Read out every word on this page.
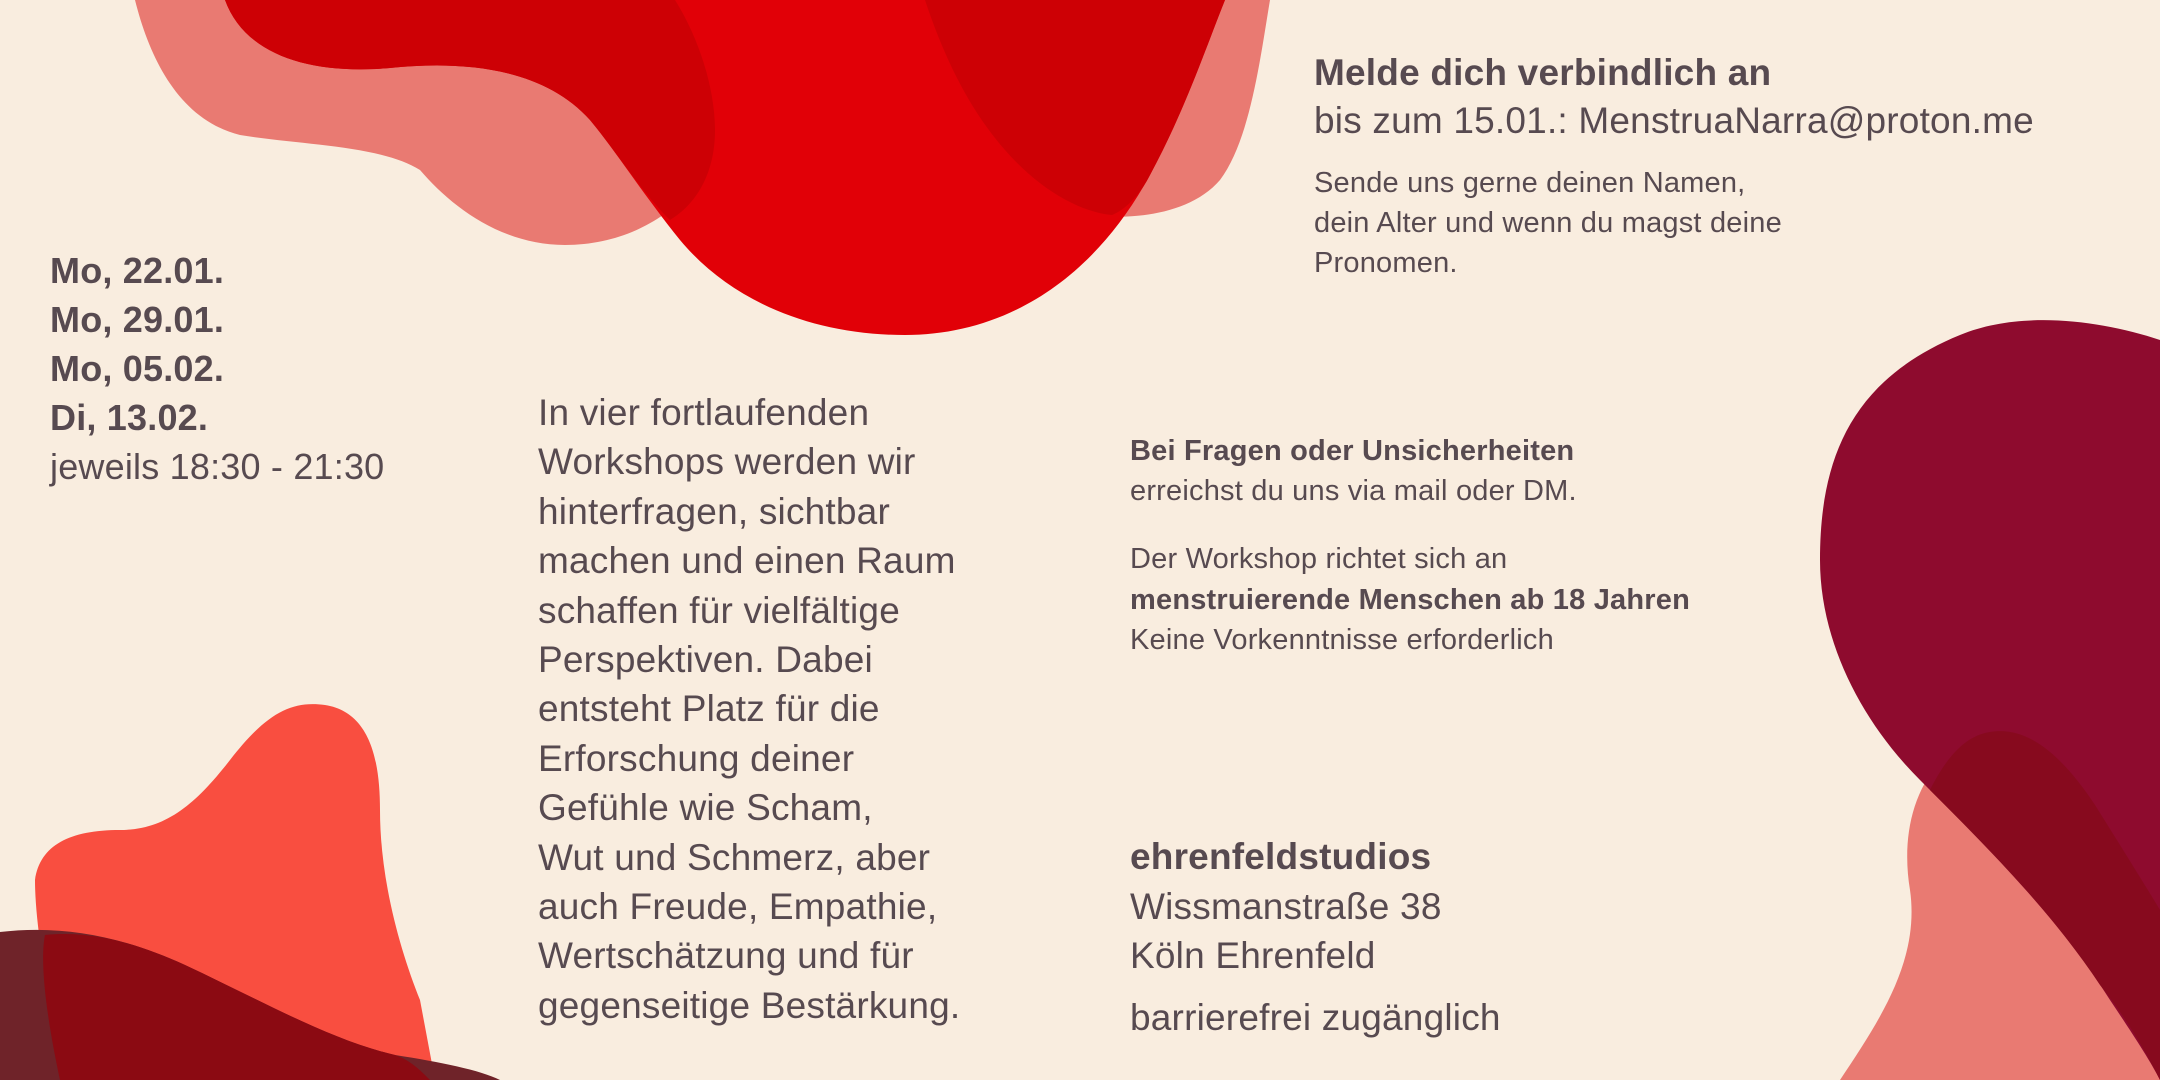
Mo, 22.01.
Mo, 29.01.
Mo, 05.02.
Di, 13.02.
jeweils 18:30 - 21:30
In vier fortlaufenden
Workshops werden wir
hinterfragen, sichtbar
machen und einen Raum
schaffen für vielfältige
Perspektiven. Dabei
entsteht Platz für die
Erforschung deiner
Gefühle wie Scham,
Wut und Schmerz, aber
auch Freude, Empathie,
Wertschätzung und für
gegenseitige Bestärkung.
Melde dich verbindlich an
bis zum 15.01.: MenstruaNarra@proton.me
Sende uns gerne deinen Namen,
dein Alter und wenn du magst deine
Pronomen.
Bei Fragen oder Unsicherheiten
erreichst du uns via mail oder DM.
Der Workshop richtet sich an
menstruierende Menschen ab 18 Jahren
Keine Vorkenntnisse erforderlich
ehrenfeldstudios
Wissmanstraße 38
Köln Ehrenfeld
barrierefrei zugänglich
